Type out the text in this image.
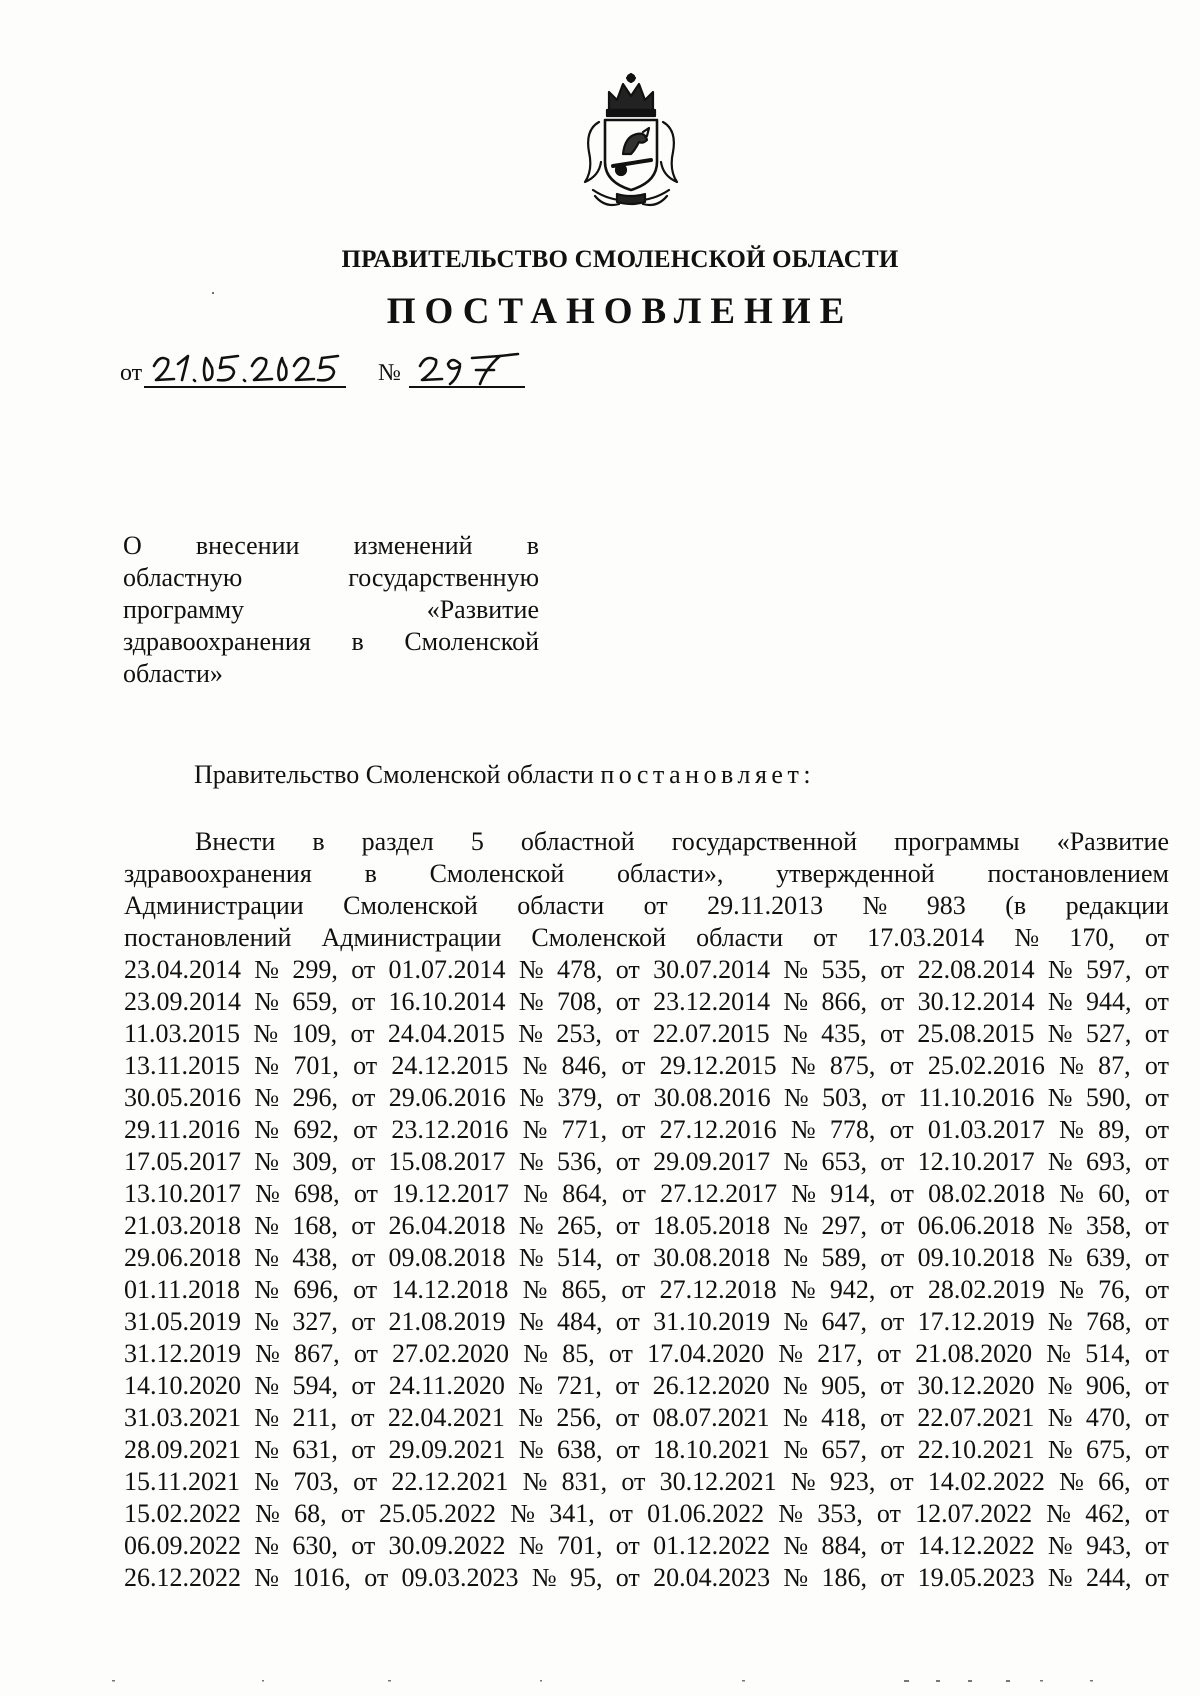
ПРАВИТЕЛЬСТВО СМОЛЕНСКОЙ ОБЛАСТИ
ПОСТАНОВЛЕНИЕ
от	№
О внесении изменений в
областную	государственную
программу	«Развитие
здравоохранения в Смоленской
области»
Правительство Смоленской области постановляет:
Внести в раздел 5 областной государственной программы «Развитие
здравоохранения в Смоленской области», утвержденной постановлением
Администрации Смоленской области от 29.11.2013 № 983 (в редакции
постановлений Администрации Смоленской области от 17.03.2014 № 170, от
23.04.2014 № 299, от 01.07.2014 № 478, от 30.07.2014 № 535, от 22.08.2014 № 597, от
23.09.2014 № 659, от 16.10.2014 № 708, от 23.12.2014 № 866, от 30.12.2014 № 944, от
11.03.2015 № 109, от 24.04.2015 № 253, от 22.07.2015 № 435, от 25.08.2015 № 527, от
13.11.2015 № 701, от 24.12.2015 № 846, от 29.12.2015 № 875, от 25.02.2016 № 87, от
30.05.2016 № 296, от 29.06.2016 № 379, от 30.08.2016 № 503, от 11.10.2016 № 590, от
29.11.2016 № 692, от 23.12.2016 № 771, от 27.12.2016 № 778, от 01.03.2017 № 89, от
17.05.2017 № 309, от 15.08.2017 № 536, от 29.09.2017 № 653, от 12.10.2017 № 693, от
13.10.2017 № 698, от 19.12.2017 № 864, от 27.12.2017 № 914, от 08.02.2018 № 60, от
21.03.2018 № 168, от 26.04.2018 № 265, от 18.05.2018 № 297, от 06.06.2018 № 358, от
29.06.2018 № 438, от 09.08.2018 № 514, от 30.08.2018 № 589, от 09.10.2018 № 639, от
01.11.2018 № 696, от 14.12.2018 № 865, от 27.12.2018 № 942, от 28.02.2019 № 76, от
31.05.2019 № 327, от 21.08.2019 № 484, от 31.10.2019 № 647, от 17.12.2019 № 768, от
31.12.2019 № 867, от 27.02.2020 № 85, от 17.04.2020 № 217, от 21.08.2020 № 514, от
14.10.2020 № 594, от 24.11.2020 № 721, от 26.12.2020 № 905, от 30.12.2020 № 906, от
31.03.2021 № 211, от 22.04.2021 № 256, от 08.07.2021 № 418, от 22.07.2021 № 470, от
28.09.2021 № 631, от 29.09.2021 № 638, от 18.10.2021 № 657, от 22.10.2021 № 675, от
15.11.2021 № 703, от 22.12.2021 № 831, от 30.12.2021 № 923, от 14.02.2022 № 66, от
15.02.2022 № 68, от 25.05.2022 № 341, от 01.06.2022 № 353, от 12.07.2022 № 462, от
06.09.2022 № 630, от 30.09.2022 № 701, от 01.12.2022 № 884, от 14.12.2022 № 943, от
26.12.2022 № 1016, от 09.03.2023 № 95, от 20.04.2023 № 186, от 19.05.2023 № 244, от
